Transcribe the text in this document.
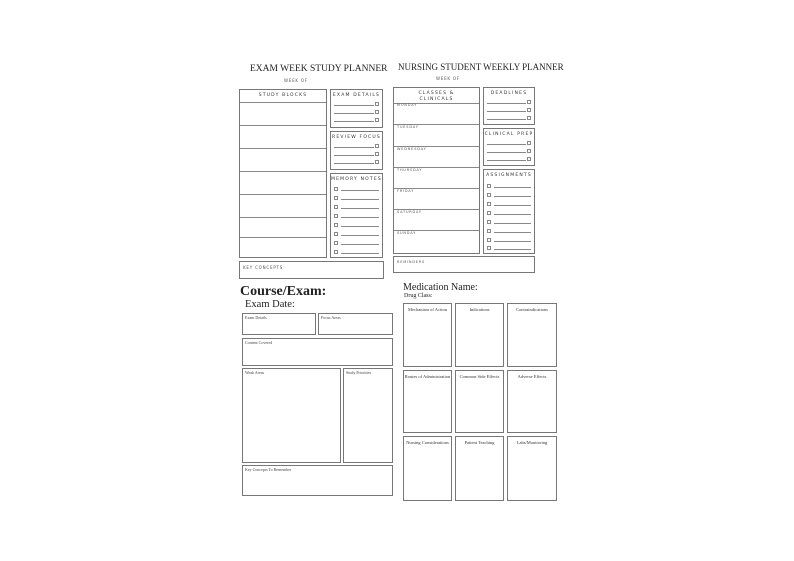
EXAM WEEK STUDY PLANNER
WEEK OF
STUDY BLOCKS	EXAM DETAILS
REVIEW FOCUS
MEMORY NOTES
KEY CONCEPTS
NURSING STUDENT WEEKLY PLANNER
WEEK OF
CLASSES &
CLINICALS
MONDAY
TUESDAY
WEDNESDAY
THURSDAY
FRIDAY
SATURDAY
SUNDAY
DEADLINES
CLINICAL PREP
ASSIGNMENTS
REMINDERS
Course/Exam:
Exam Date:
Exam Details	Focus Areas
Content Covered
Weak Areas	Study Priorities
Key Concepts To Remember
Medication Name:
Drug Class:
Mechanism of Action	Indications	Contraindications
Routes of Administration	Common Side Effects	Adverse Effects
Nursing Considerations	Patient Teaching	Labs/Monitoring
